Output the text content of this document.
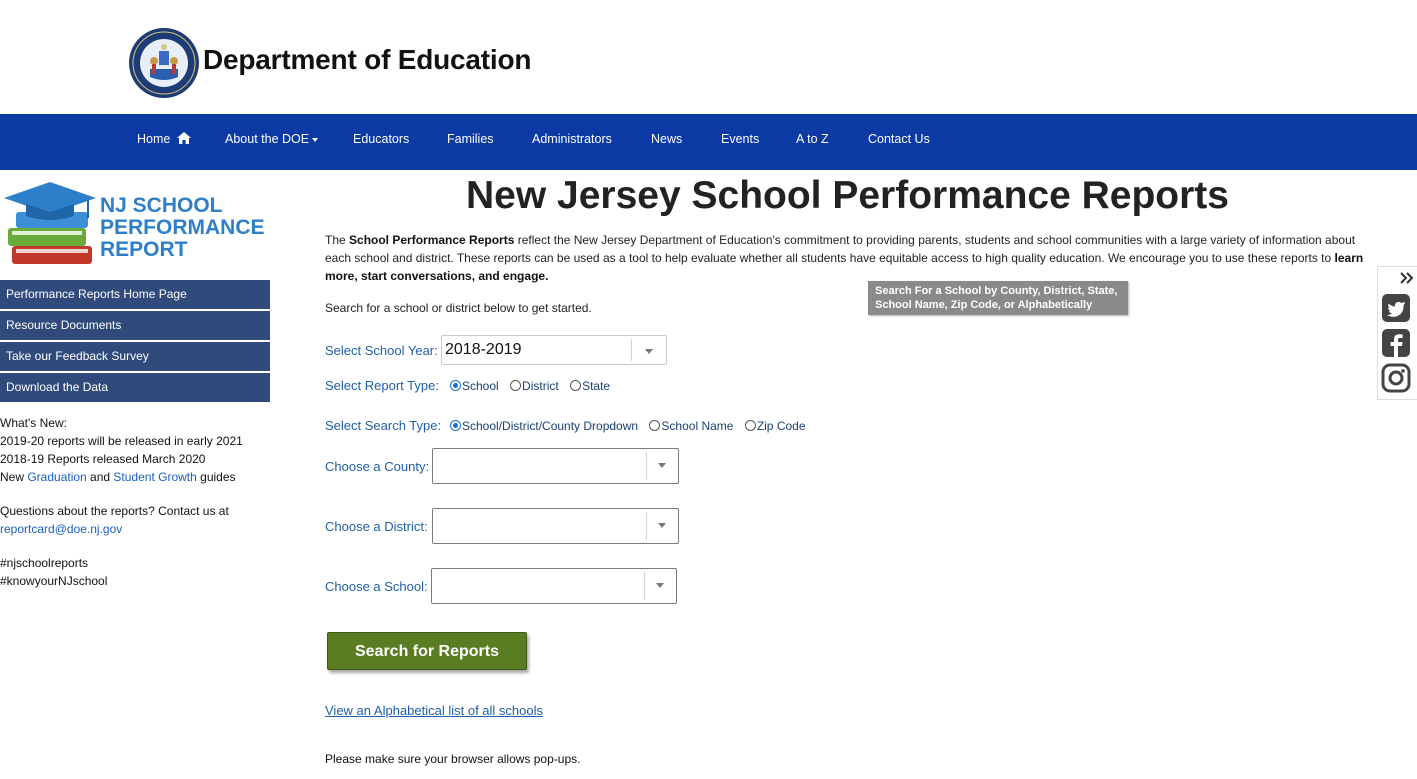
Department of Education
Home	About the DOE	Educators	Families	Administrators	News	Events	A to Z	Contact Us
NJ SCHOOL
PERFORMANCE
REPORT
Performance Reports Home Page
Resource Documents
Take our Feedback Survey
Download the Data
What's New:
2019-20 reports will be released in early 2021
2018-19 Reports released March 2020
New Graduation and Student Growth guides
Questions about the reports? Contact us at
reportcard@doe.nj.gov
#njschoolreports
#knowyourNJschool
New Jersey School Performance Reports
The School Performance Reports reflect the New Jersey Department of Education's commitment to providing parents, students and school communities with a large variety of information about each school and district. These reports can be used as a tool to help evaluate whether all students have equitable access to high quality education. We encourage you to use these reports to learn more, start conversations, and engage.
Search for a school or district below to get started.
Search For a School by County, District, State, School Name, Zip Code, or Alphabetically
Select School Year: 2018-2019
Select Report Type:	School District State
Select Search Type:	School/District/County Dropdown School Name Zip Code
Choose a County:
Choose a District:
Choose a School:
Search for Reports
View an Alphabetical list of all schools
Please make sure your browser allows pop-ups.
